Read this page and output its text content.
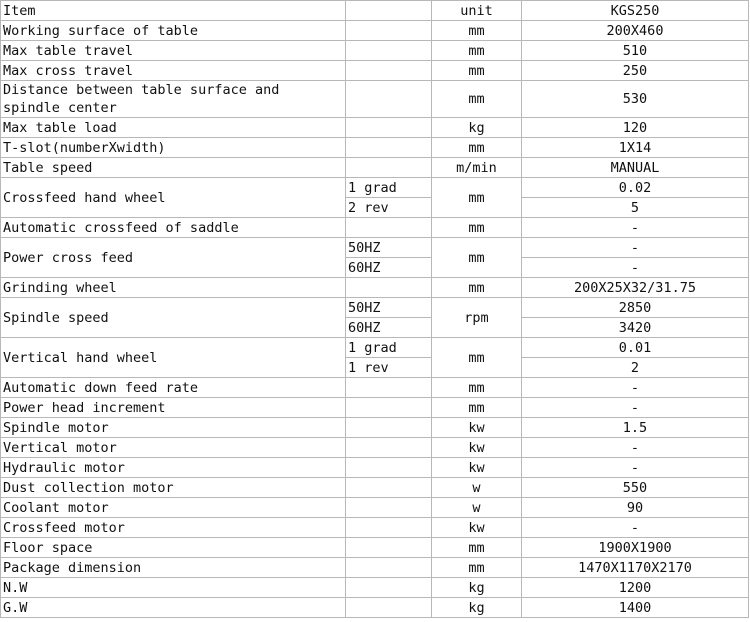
Item		unit	KGS250
Working surface of table		mm	200X460
Max table travel		mm	510
Max cross travel		mm	250
Distance between table surface and spindle center		mm	530
Max table load		kg	120
T-slot(numberXwidth)		mm	1X14
Table speed		m/min	MANUAL
Crossfeed hand wheel	1 grad	mm	0.02
	2 rev		5
Automatic crossfeed of saddle		mm	-
Power cross feed	50HZ	mm	-
	60HZ		-
Grinding wheel		mm	200X25X32/31.75
Spindle speed	50HZ	rpm	2850
	60HZ		3420
Vertical hand wheel	1 grad	mm	0.01
	1 rev		2
Automatic down feed rate		mm	-
Power head increment		mm	-
Spindle motor		kw	1.5
Vertical motor		kw	-
Hydraulic motor		kw	-
Dust collection motor		w	550
Coolant motor		w	90
Crossfeed motor		kw	-
Floor space		mm	1900X1900
Package dimension		mm	1470X1170X2170
N.W		kg	1200
G.W		kg	1400
